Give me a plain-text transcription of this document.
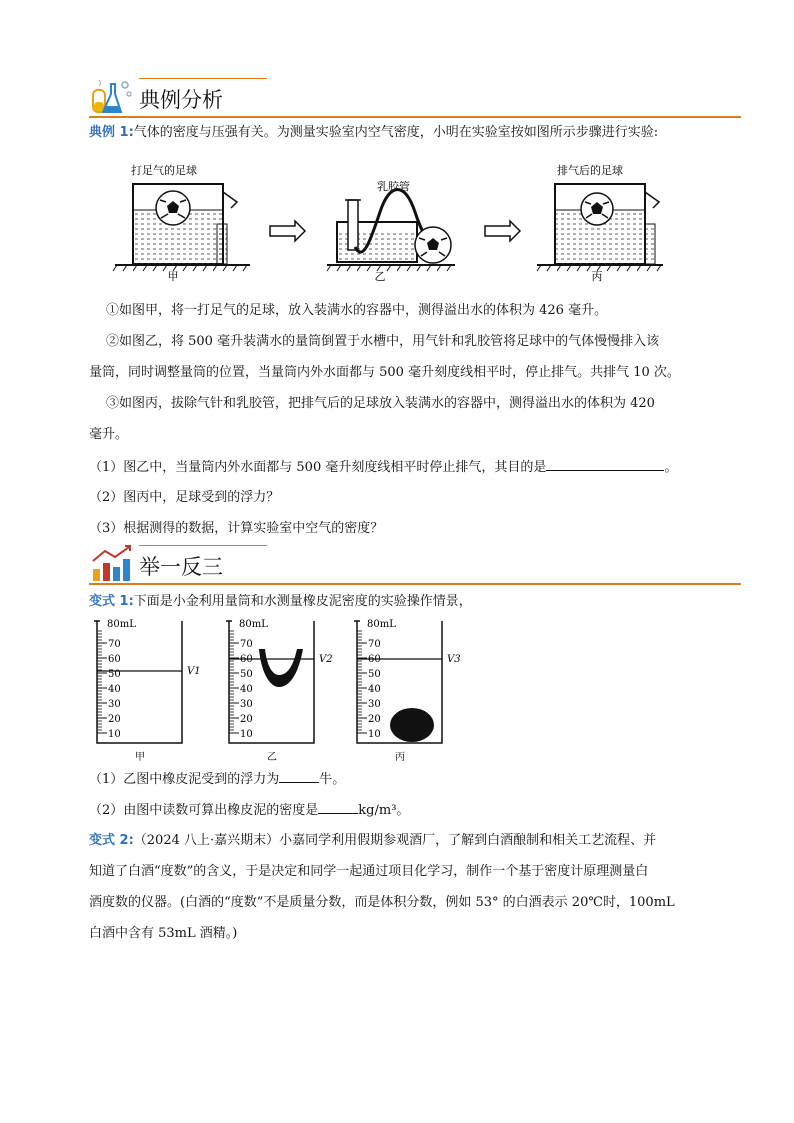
典例分析
典例 1:气体的密度与压强有关。为测量实验室内空气密度，小明在实验室按如图所示步骤进行实验:
打足气的足球
甲
乳胶管
乙
排气后的足球
丙
①如图甲，将一打足气的足球，放入装满水的容器中，测得溢出水的体积为 426 毫升。
②如图乙，将 500 毫升装满水的量筒倒置于水槽中，用气针和乳胶管将足球中的气体慢慢排入该
量筒，同时调整量筒的位置，当量筒内外水面都与 500 毫升刻度线相平时，停止排气。共排气 10 次。
③如图丙，拔除气针和乳胶管，把排气后的足球放入装满水的容器中，测得溢出水的体积为 420
毫升。
（1）图乙中，当量筒内外水面都与 500 毫升刻度线相平时停止排气，其目的是	。
（2）图丙中，足球受到的浮力？
（3）根据测得的数据，计算实验室中空气的密度？
举一反三
变式 1:下面是小金利用量筒和水测量橡皮泥密度的实验操作情景，
80mL
70
60
50
40
30
20
10
V1
甲
80mL
70
60
50
40
30
20
10
V2
乙
80mL
70
60
50
40
30
20
10
V3
丙
（1）乙图中橡皮泥受到的浮力为	牛。
（2）由图中读数可算出橡皮泥的密度是	kg/m³。
变式 2:（2024 八上·嘉兴期末）小嘉同学利用假期参观酒厂，了解到白酒酿制和相关工艺流程、并
知道了白酒“度数”的含义，于是决定和同学一起通过项目化学习，制作一个基于密度计原理测量白
酒度数的仪器。(白酒的“度数”不是质量分数，而是体积分数，例如 53° 的白酒表示 20℃时，100mL
白酒中含有 53mL 酒精。)
